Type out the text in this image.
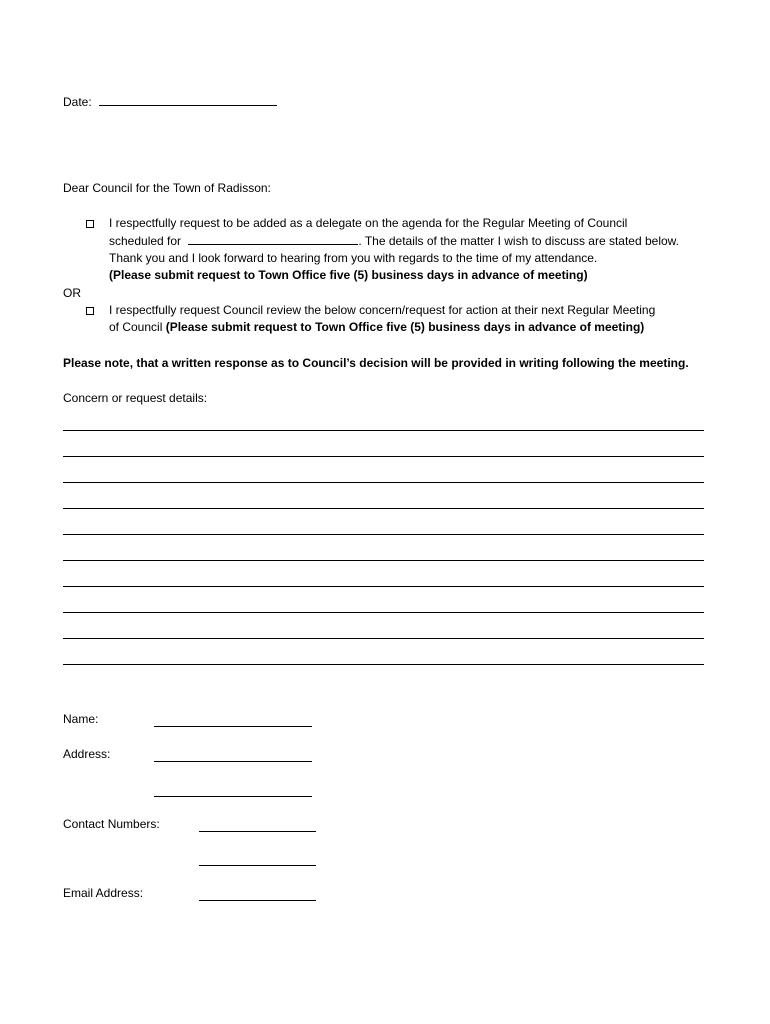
Date:
Dear Council for the Town of Radisson:
I respectfully request to be added as a delegate on the agenda for the Regular Meeting of Council
scheduled for	. The details of the matter I wish to discuss are stated below.
Thank you and I look forward to hearing from you with regards to the time of my attendance.
(Please submit request to Town Office five (5) business days in advance of meeting)
OR
I respectfully request Council review the below concern/request for action at their next Regular Meeting
of Council (Please submit request to Town Office five (5) business days in advance of meeting)
Please note, that a written response as to Council’s decision will be provided in writing following the meeting.
Concern or request details:
Name:
Address:
Contact Numbers:
Email Address:
